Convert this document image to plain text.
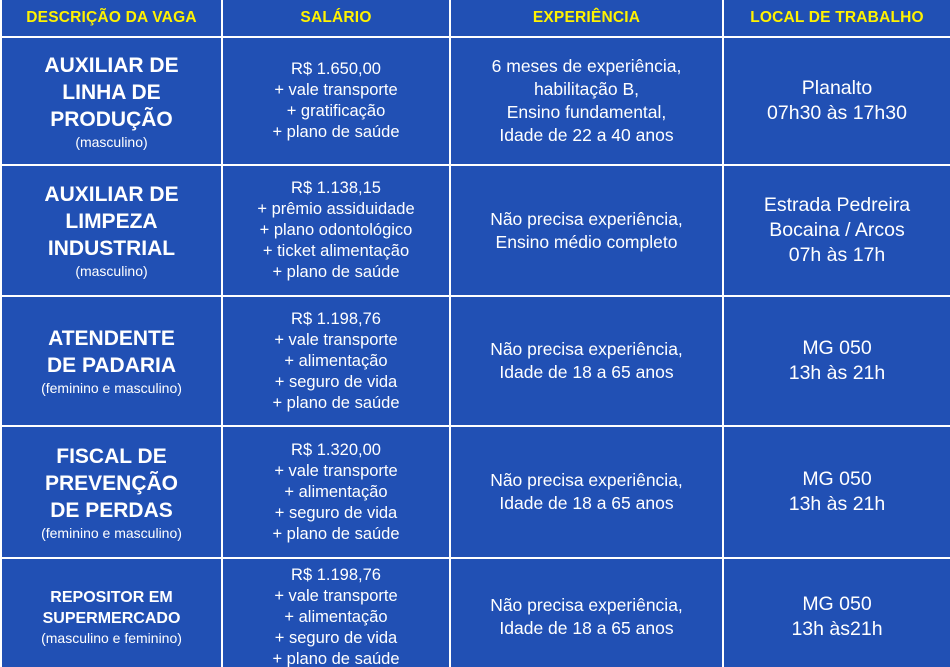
DESCRIÇÃO DA VAGA	SALÁRIO	EXPERIÊNCIA	LOCAL DE TRABALHO

AUXILIAR DE
LINHA DE
PRODUÇÃO
(masculino)	R$ 1.650,00
+ vale transporte
+ gratificação
+ plano de saúde	6 meses de experiência,
habilitação B,
Ensino fundamental,
Idade de 22 a 40 anos	Planalto
07h30 às 17h30

AUXILIAR DE
LIMPEZA
INDUSTRIAL
(masculino)	R$ 1.138,15
+ prêmio assiduidade
+ plano odontológico
+ ticket alimentação
+ plano de saúde	Não precisa experiência,
Ensino médio completo	Estrada Pedreira
Bocaina / Arcos
07h às 17h

ATENDENTE
DE PADARIA
(feminino e masculino)	R$ 1.198,76
+ vale transporte
+ alimentação
+ seguro de vida
+ plano de saúde	Não precisa experiência,
Idade de 18 a 65 anos	MG 050
13h às 21h

FISCAL DE
PREVENÇÃO
DE PERDAS
(feminino e masculino)	R$ 1.320,00
+ vale transporte
+ alimentação
+ seguro de vida
+ plano de saúde	Não precisa experiência,
Idade de 18 a 65 anos	MG 050
13h às 21h

REPOSITOR EM
SUPERMERCADO
(masculino e feminino)	R$ 1.198,76
+ vale transporte
+ alimentação
+ seguro de vida
+ plano de saúde	Não precisa experiência,
Idade de 18 a 65 anos	MG 050
13h às21h
